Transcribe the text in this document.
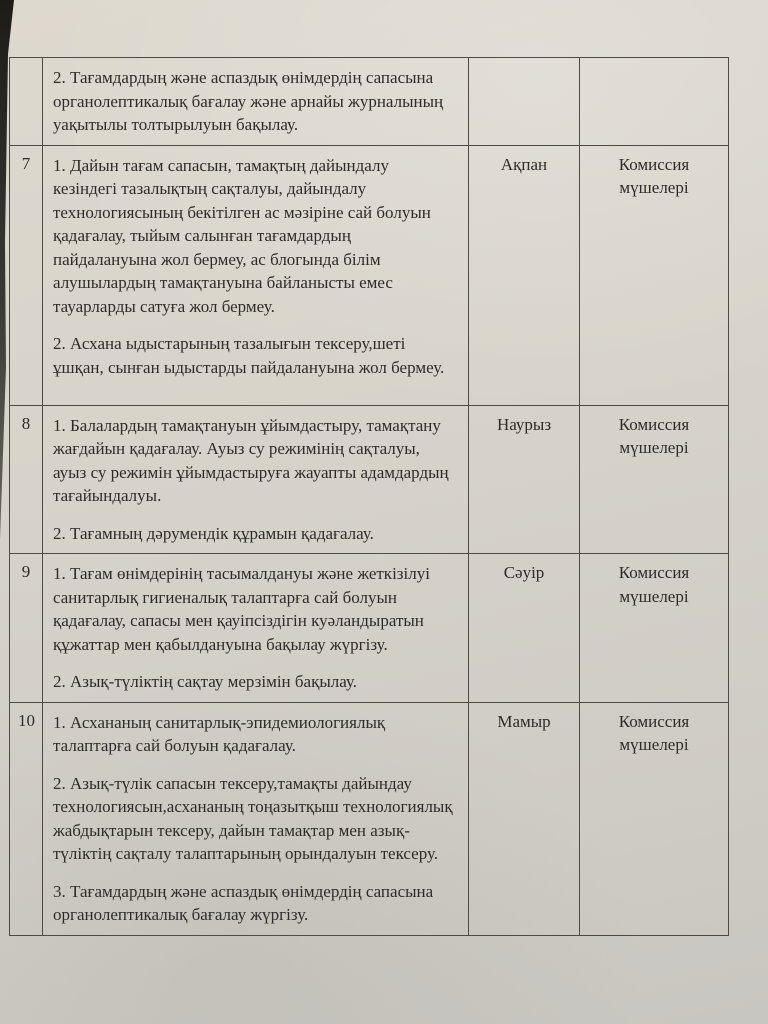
	2. Тағамдардың және аспаздық өнімдердің сапасына органолептикалық бағалау және арнайы журналының уақытылы толтырылуын бақылау.		

7	1. Дайын тағам сапасын, тамақтың дайындалу кезіндегі тазалықтың сақталуы, дайындалу технологиясының бекітілген ас мәзіріне сай болуын қадағалау, тыйым салынған тағамдардың пайдалануына жол бермеу, ас блогында білім алушылардың тамақтануына байланысты емес тауарларды сатуға жол бермеу.

2. Асхана ыдыстарының тазалығын тексеру,шеті ұшқан, сынған ыдыстарды пайдалануына жол бермеу.	Ақпан	Комиссия мүшелері
8	1. Балалардың тамақтануын ұйымдастыру, тамақтану жағдайын қадағалау. Ауыз су режимінің сақталуы, ауыз су режимін ұйымдастыруға жауапты адамдардың тағайындалуы.

2. Тағамның дәрумендік құрамын қадағалау.	Наурыз	Комиссия мүшелері
9	1. Тағам өнімдерінің тасымалдануы және жеткізілуі санитарлық гигиеналық талаптарға сай болуын қадағалау, сапасы мен қауіпсіздігін куәландыратын құжаттар мен қабылдануына бақылау жүргізу.

2. Азық-түліктің сақтау мерзімін бақылау.	Сәуір	Комиссия мүшелері
10	1. Асхананың санитарлық-эпидемиологиялық талаптарға сай болуын қадағалау.

2. Азық-түлік сапасын тексеру,тамақты дайындау технологиясын,асхананың тоңазытқыш технологиялық жабдықтарын тексеру, дайын тамақтар мен азық-түліктің сақталу талаптарының орындалуын тексеру.

3. Тағамдардың және аспаздық өнімдердің сапасына органолептикалық бағалау жүргізу.	Мамыр	Комиссия мүшелері
